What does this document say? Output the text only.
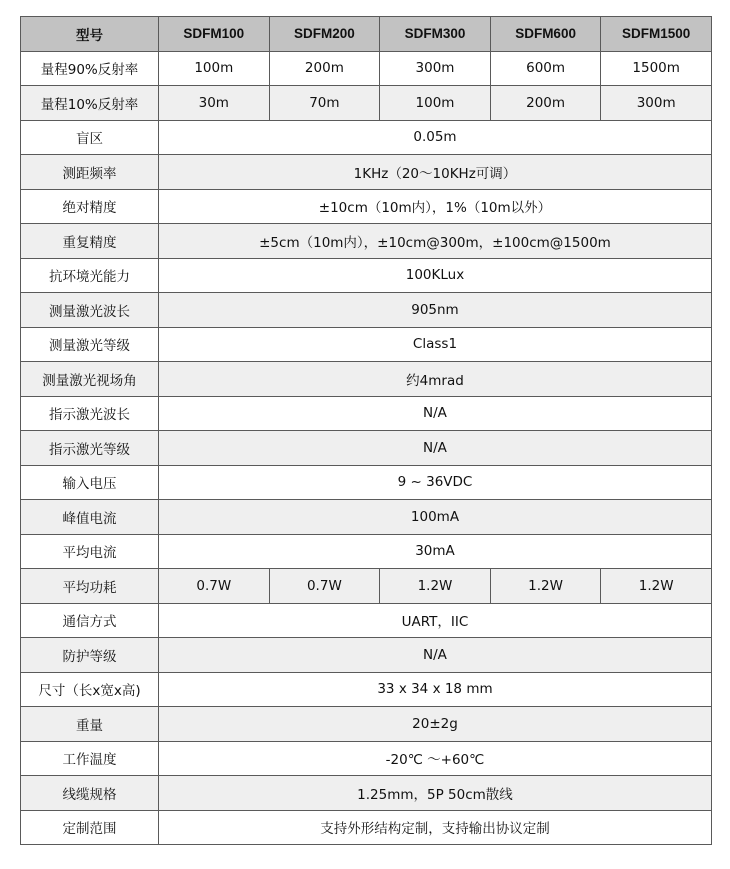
型号	SDFM100	SDFM200	SDFM300	SDFM600	SDFM1500
量程90%反射率	100m	200m	300m	600m	1500m
量程10%反射率	30m	70m	100m	200m	300m
盲区	0.05m				
测距频率	1KHz（20～10KHz可调）				
绝对精度	±10cm（10m内），1%（10m以外）				
重复精度	±5cm（10m内），±10cm@300m，±100cm@1500m				
抗环境光能力	100KLux				
测量激光波长	905nm				
测量激光等级	Class1				
测量激光视场角	约4mrad				
指示激光波长	N/A				
指示激光等级	N/A				
输入电压	9 ~ 36VDC				
峰值电流	100mA				
平均电流	30mA				
平均功耗	0.7W	0.7W	1.2W	1.2W	1.2W
通信方式	UART，IIC				
防护等级	N/A				
尺寸（长x宽x高)	33 x 34 x 18 mm				
重量	20±2g				
工作温度	-20℃ ～+60℃				
线缆规格	1.25mm，5P 50cm散线				
定制范围	支持外形结构定制，支持输出协议定制				
